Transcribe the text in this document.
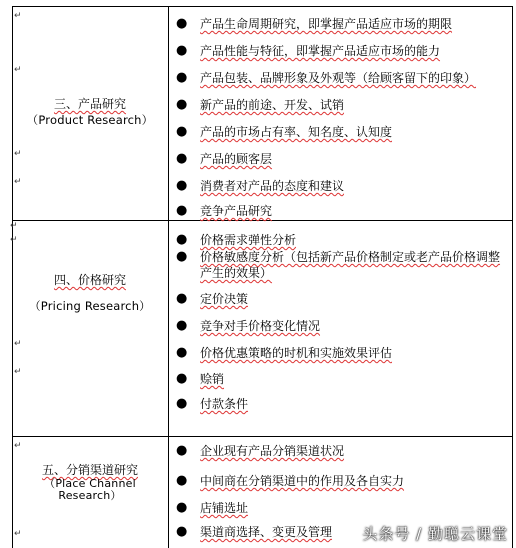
↵
↵
↵
↵
↵
↵
↵
↵
↵
↵
三、产品研究
（Product Research）
● 产品生命周期研究，即掌握产品适应市场的期限
● 产品性能与特征，即掌握产品适应市场的能力
● 产品包装、品牌形象及外观等（给顾客留下的印象）
● 新产品的前途、开发、试销
● 产品的市场占有率、知名度、认知度
● 产品的顾客层
● 消费者对产品的态度和建议
● 竞争产品研究
四、价格研究
（Pricing Research）
● 价格需求弹性分析
● 价格敏感度分析（包括新产品价格制定或老产品价格调整产生的效果）
● 定价决策
● 竞争对手价格变化情况
● 价格优惠策略的时机和实施效果评估
● 赊销
● 付款条件
五、分销渠道研究
（Place Channel Research）
● 企业现有产品分销渠道状况
● 中间商在分销渠道中的作用及各自实力
● 店铺选址
● 渠道商选择、变更及管理	头条号 / 勤聪云课堂
